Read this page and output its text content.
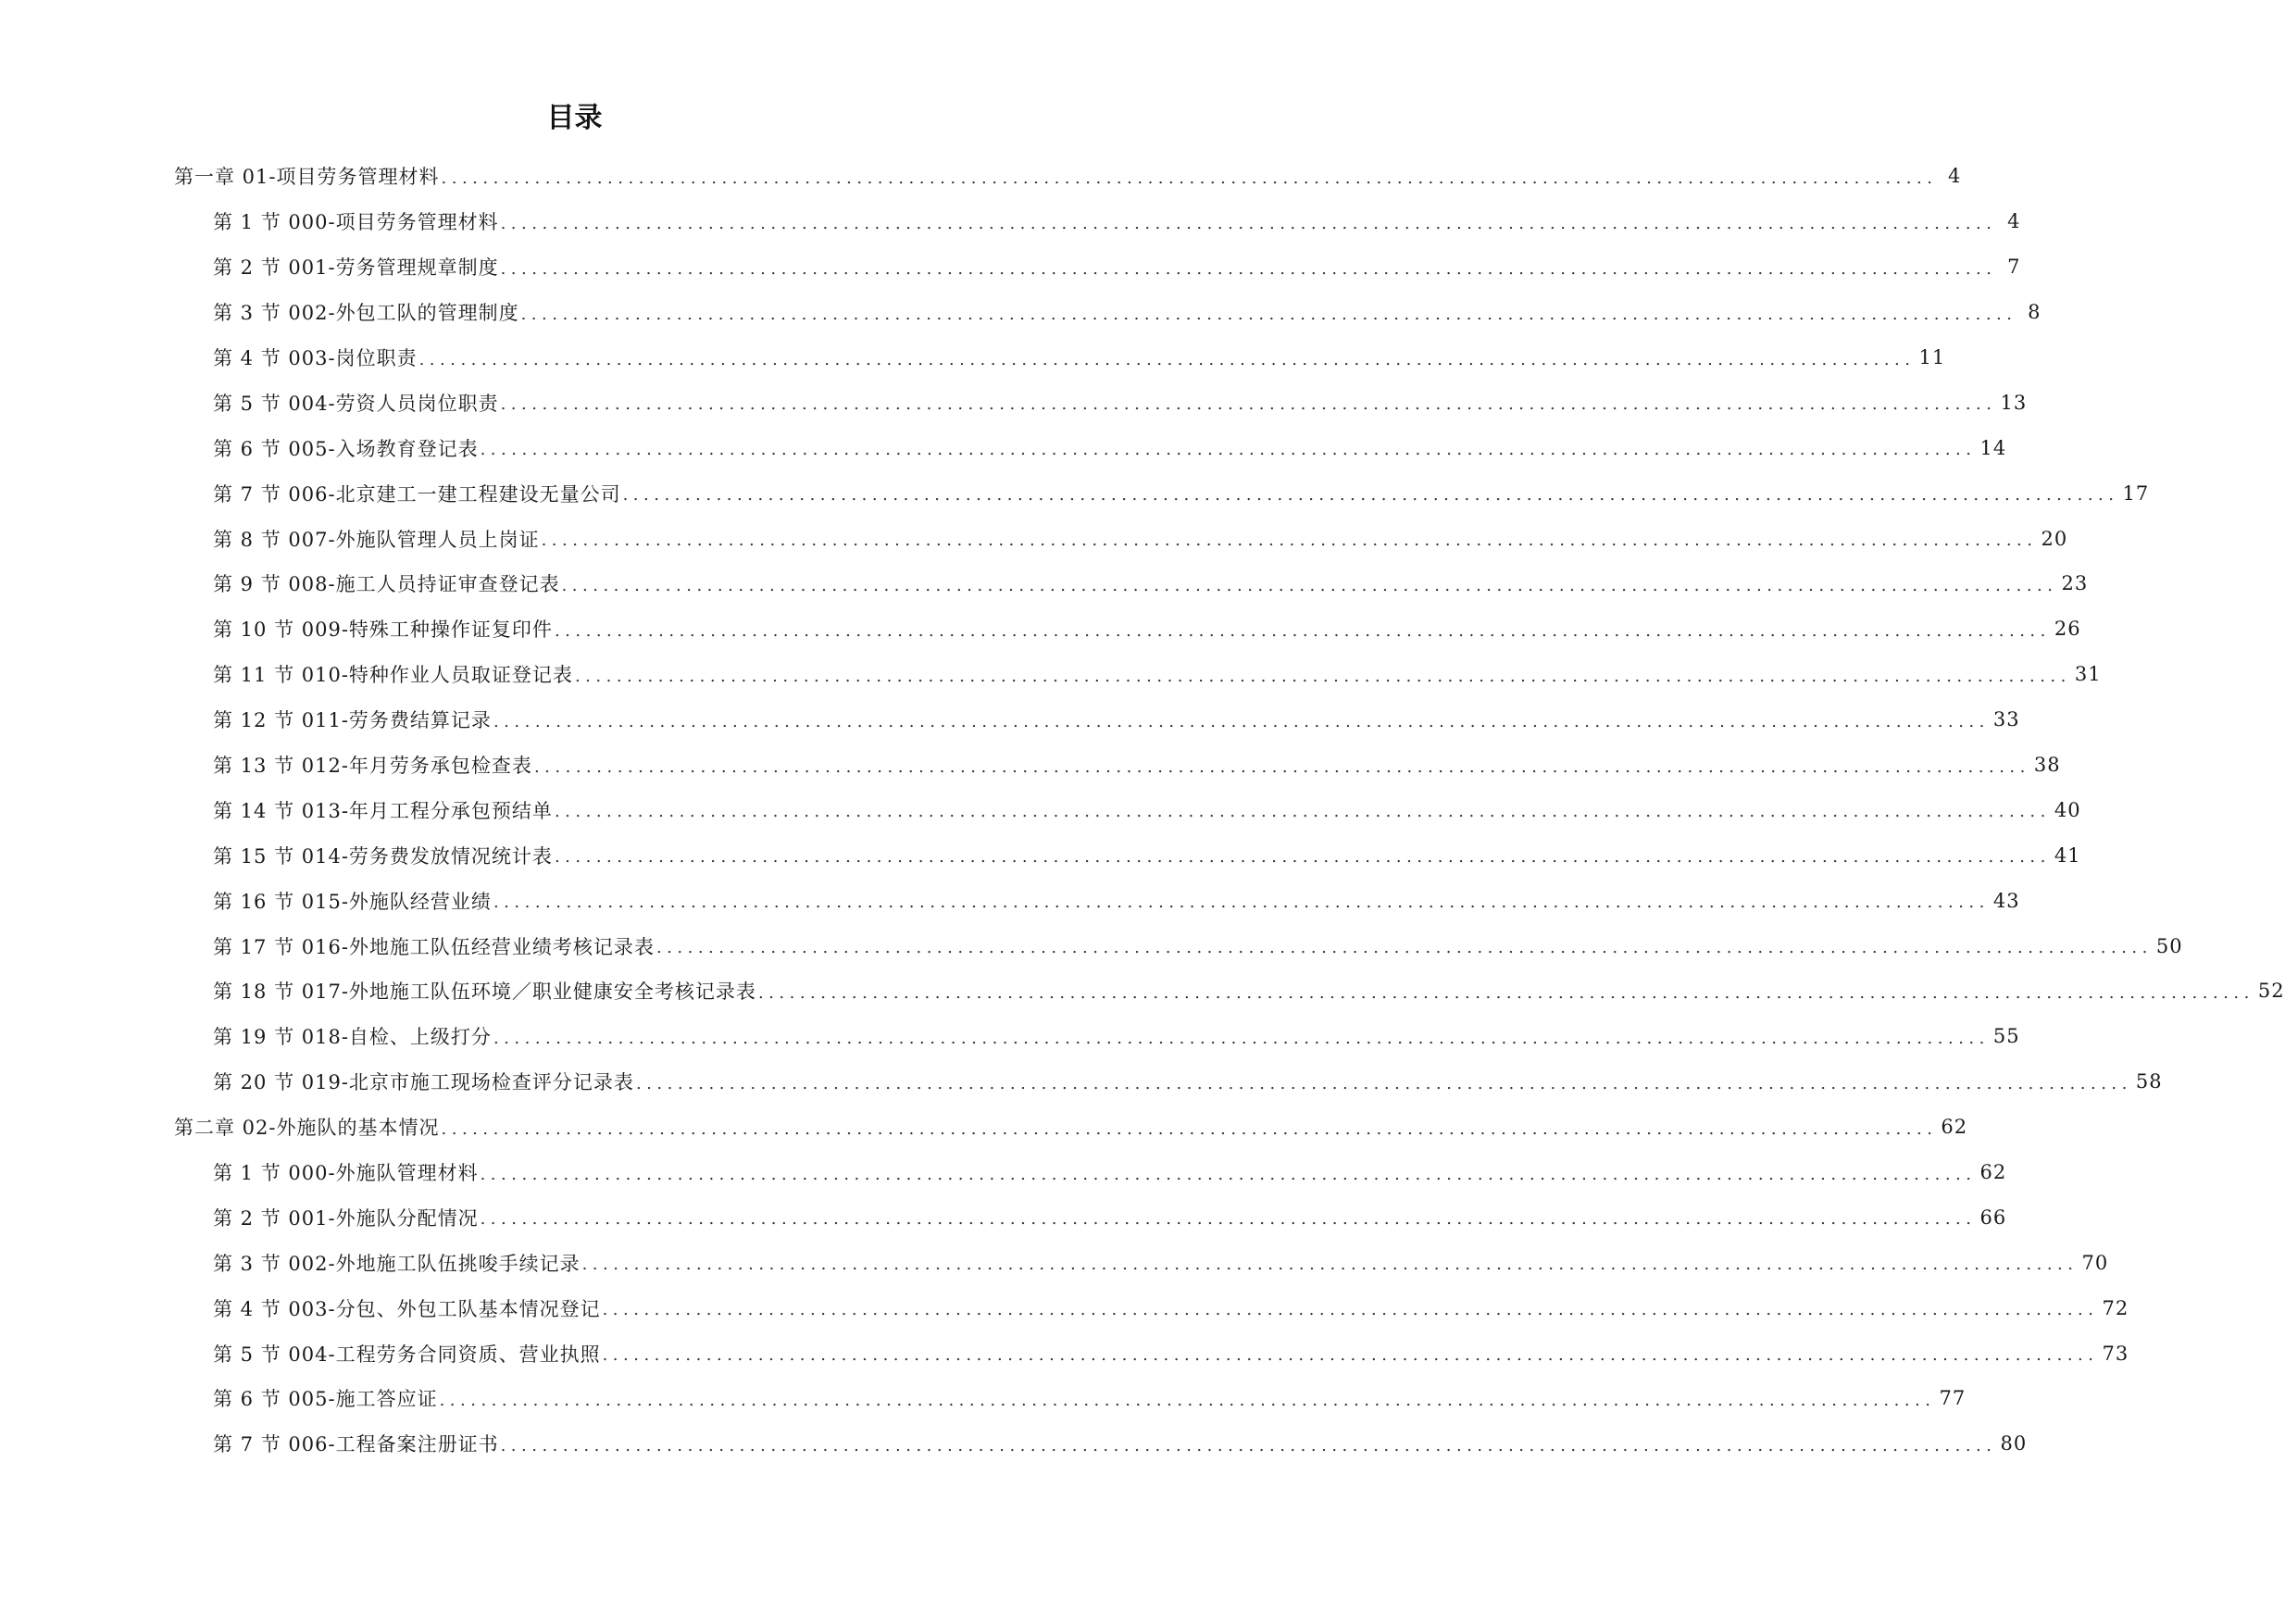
目录
第一章 01-项目劳务管理材料 ................................................................................................................................................ 4
第 1 节 000-项目劳务管理材料 ................................................................................................................................................ 4
第 2 节 001-劳务管理规章制度 ................................................................................................................................................ 7
第 3 节 002-外包工队的管理制度 ................................................................................................................................................ 8
第 4 节 003-岗位职责 ................................................................................................................................................ 11
第 5 节 004-劳资人员岗位职责 ................................................................................................................................................ 13
第 6 节 005-入场教育登记表 ................................................................................................................................................ 14
第 7 节 006-北京建工一建工程建设无量公司 ................................................................................................................................................ 17
第 8 节 007-外施队管理人员上岗证 ................................................................................................................................................ 20
第 9 节 008-施工人员持证审查登记表 ................................................................................................................................................ 23
第 10 节 009-特殊工种操作证复印件 ................................................................................................................................................ 26
第 11 节 010-特种作业人员取证登记表 ................................................................................................................................................ 31
第 12 节 011-劳务费结算记录 ................................................................................................................................................ 33
第 13 节 012-年月劳务承包检查表 ................................................................................................................................................ 38
第 14 节 013-年月工程分承包预结单 ................................................................................................................................................ 40
第 15 节 014-劳务费发放情况统计表 ................................................................................................................................................ 41
第 16 节 015-外施队经营业绩 ................................................................................................................................................ 43
第 17 节 016-外地施工队伍经营业绩考核记录表 ................................................................................................................................................ 50
第 18 节 017-外地施工队伍环境／职业健康安全考核记录表 ................................................................................................................................................ 52
第 19 节 018-自检、上级打分 ................................................................................................................................................ 55
第 20 节 019-北京市施工现场检查评分记录表 ................................................................................................................................................ 58
第二章 02-外施队的基本情况 ................................................................................................................................................ 62
第 1 节 000-外施队管理材料 ................................................................................................................................................ 62
第 2 节 001-外施队分配情况 ................................................................................................................................................ 66
第 3 节 002-外地施工队伍挑唆手续记录 ................................................................................................................................................ 70
第 4 节 003-分包、外包工队基本情况登记 ................................................................................................................................................ 72
第 5 节 004-工程劳务合同资质、营业执照 ................................................................................................................................................ 73
第 6 节 005-施工答应证 ................................................................................................................................................ 77
第 7 节 006-工程备案注册证书 ................................................................................................................................................ 80
